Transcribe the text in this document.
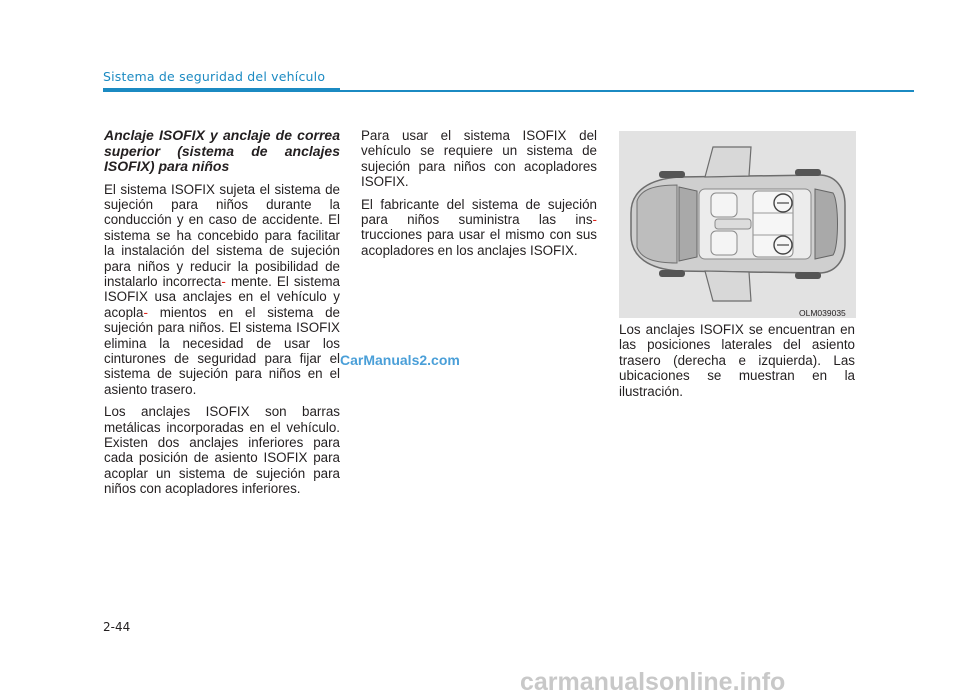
Sistema de seguridad del vehículo

Anclaje ISOFIX y anclaje de correa superior (sistema de anclajes ISOFIX) para niños

El sistema ISOFIX sujeta el sistema de sujeción para niños durante la conducción y en caso de accidente. El sistema se ha concebido para facilitar la instalación del sistema de sujeción para niños y reducir la posibilidad de instalarlo incorrecta- mente. El sistema ISOFIX usa anclajes en el vehículo y acopla- mientos en el sistema de sujeción para niños. El sistema ISOFIX elimina la necesidad de usar los cinturones de seguridad para fijar el sistema de sujeción para niños en el asiento trasero.

Los anclajes ISOFIX son barras metálicas incorporadas en el vehículo. Existen dos anclajes inferiores para cada posición de asiento ISOFIX para acoplar un sistema de sujeción para niños con acopladores inferiores.

Para usar el sistema ISOFIX del vehículo se requiere un sistema de sujeción para niños con acopladores ISOFIX.

El fabricante del sistema de sujeción para niños suministra las ins- trucciones para usar el mismo con sus acopladores en los anclajes ISOFIX.

OLM039035

Los anclajes ISOFIX se encuentran en las posiciones laterales del asiento trasero (derecha e izquierda). Las ubicaciones se muestran en la ilustración.

CarManuals2.com
2-44
carmanualsonline.info
